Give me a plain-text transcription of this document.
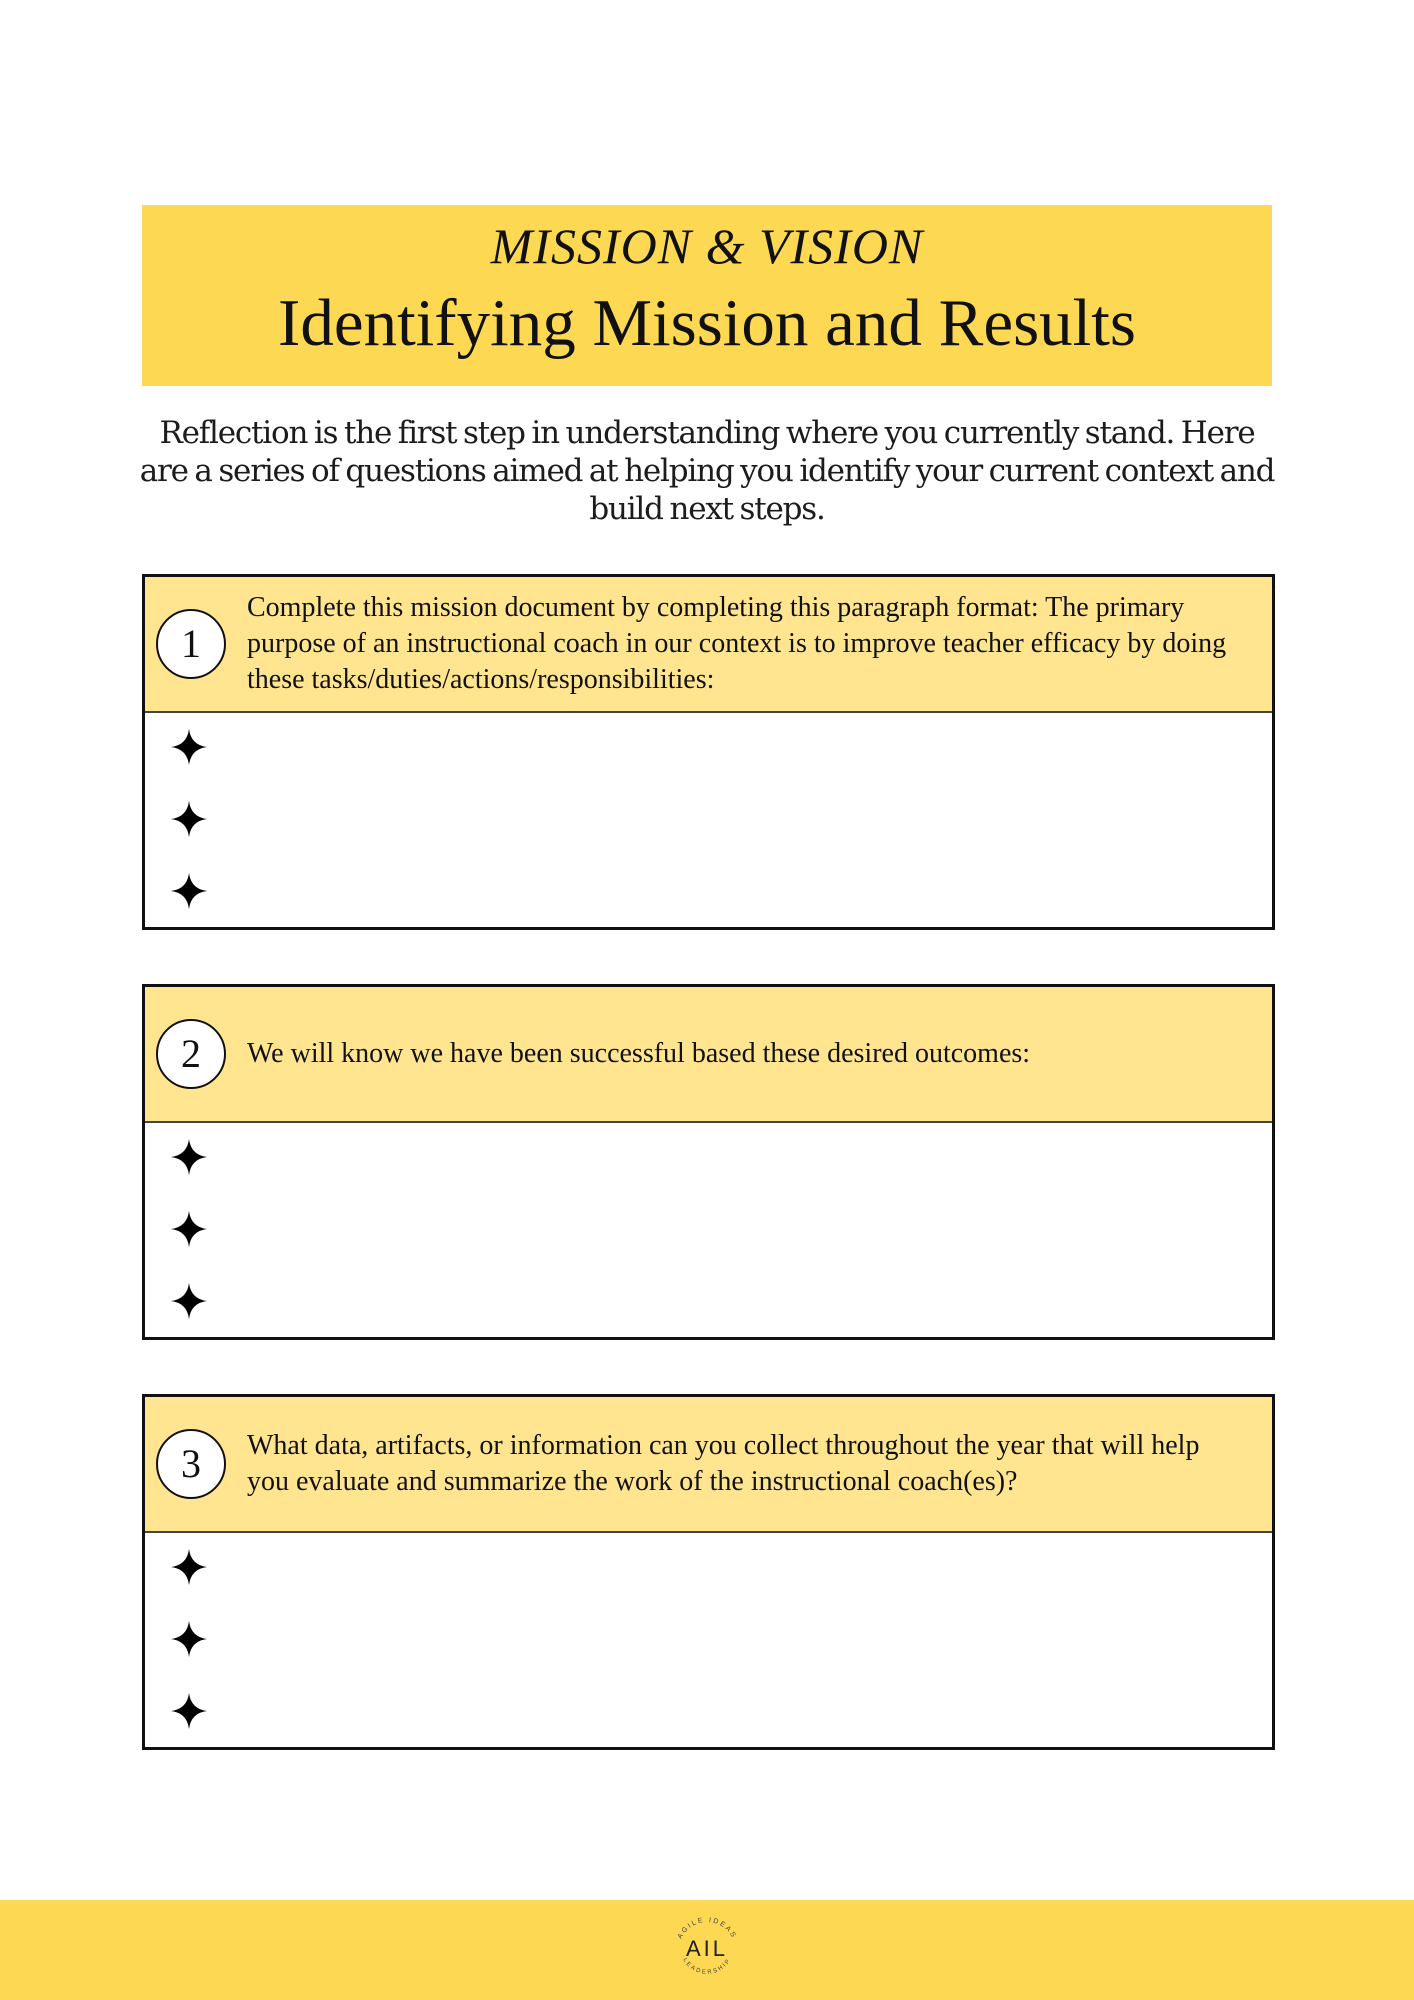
MISSION & VISION
Identifying Mission and Results
Reflection is the first step in understanding where you currently stand. Here are a series of questions aimed at helping you identify your current context and build next steps.
1
Complete this mission document by completing this paragraph format: The primary purpose of an instructional coach in our context is to improve teacher efficacy by doing these tasks/duties/actions/responsibilities:
2	We will know we have been successful based these desired outcomes:
3	What data, artifacts, or information can you collect throughout the year that will help you evaluate and summarize the work of the instructional coach(es)?
AGILE IDEAS
LEADERSHIP
AIL
